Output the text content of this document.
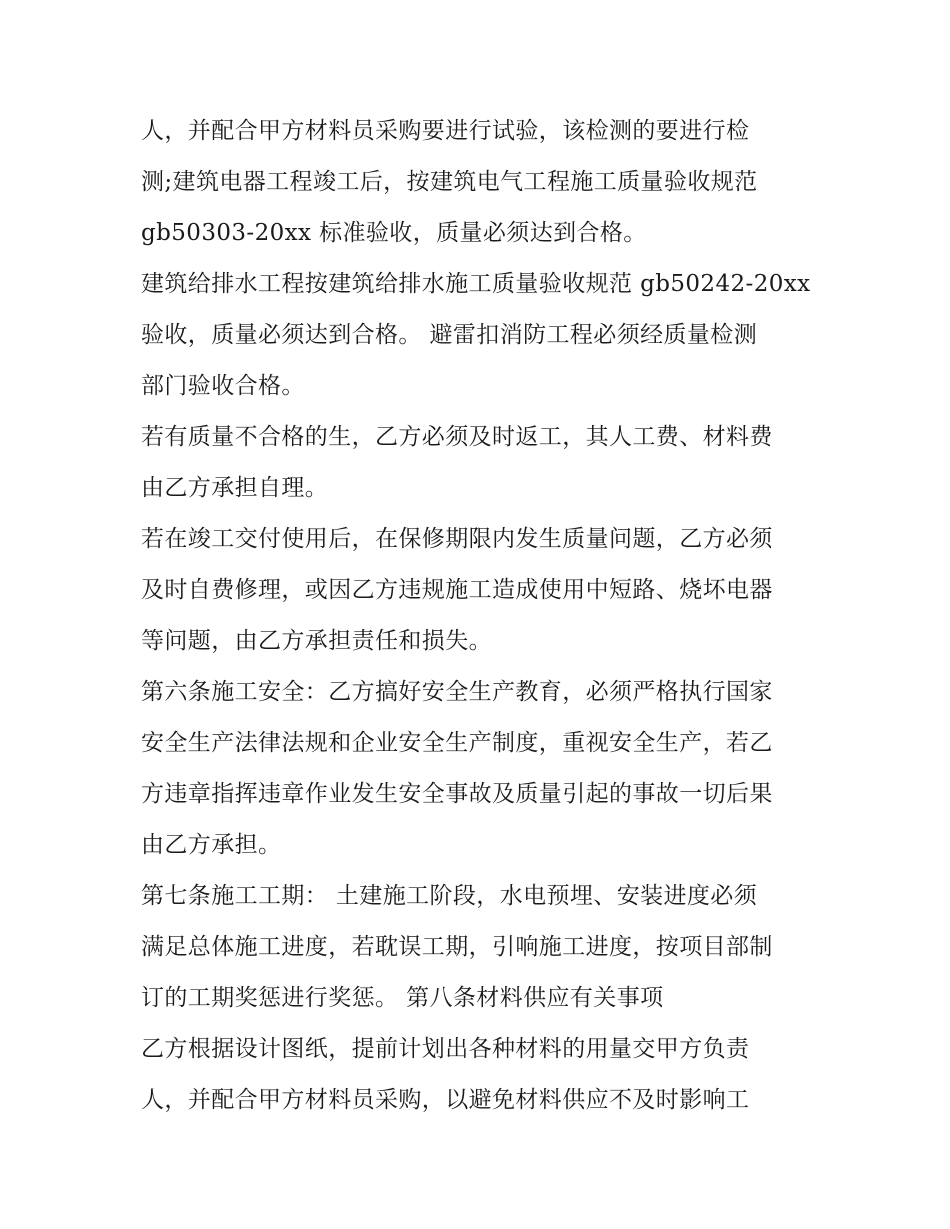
人，并配合甲方材料员采购要进行试验，该检测的要进行检
测;建筑电器工程竣工后，按建筑电气工程施工质量验收规范
gb50303-20xx 标准验收，质量必须达到合格。
建筑给排水工程按建筑给排水施工质量验收规范 gb50242-20xx
验收，质量必须达到合格。 避雷扣消防工程必须经质量检测
部门验收合格。
若有质量不合格的生，乙方必须及时返工，其人工费、材料费
由乙方承担自理。
若在竣工交付使用后，在保修期限内发生质量问题，乙方必须
及时自费修理，或因乙方违规施工造成使用中短路、烧坏电器
等问题，由乙方承担责任和损失。
第六条施工安全：乙方搞好安全生产教育，必须严格执行国家
安全生产法律法规和企业安全生产制度，重视安全生产，若乙
方违章指挥违章作业发生安全事故及质量引起的事故一切后果
由乙方承担。
第七条施工工期： 土建施工阶段，水电预埋、安装进度必须
满足总体施工进度，若耽误工期，引响施工进度，按项目部制
订的工期奖惩进行奖惩。 第八条材料供应有关事项
乙方根据设计图纸，提前计划出各种材料的用量交甲方负责
人，并配合甲方材料员采购，以避免材料供应不及时影响工
